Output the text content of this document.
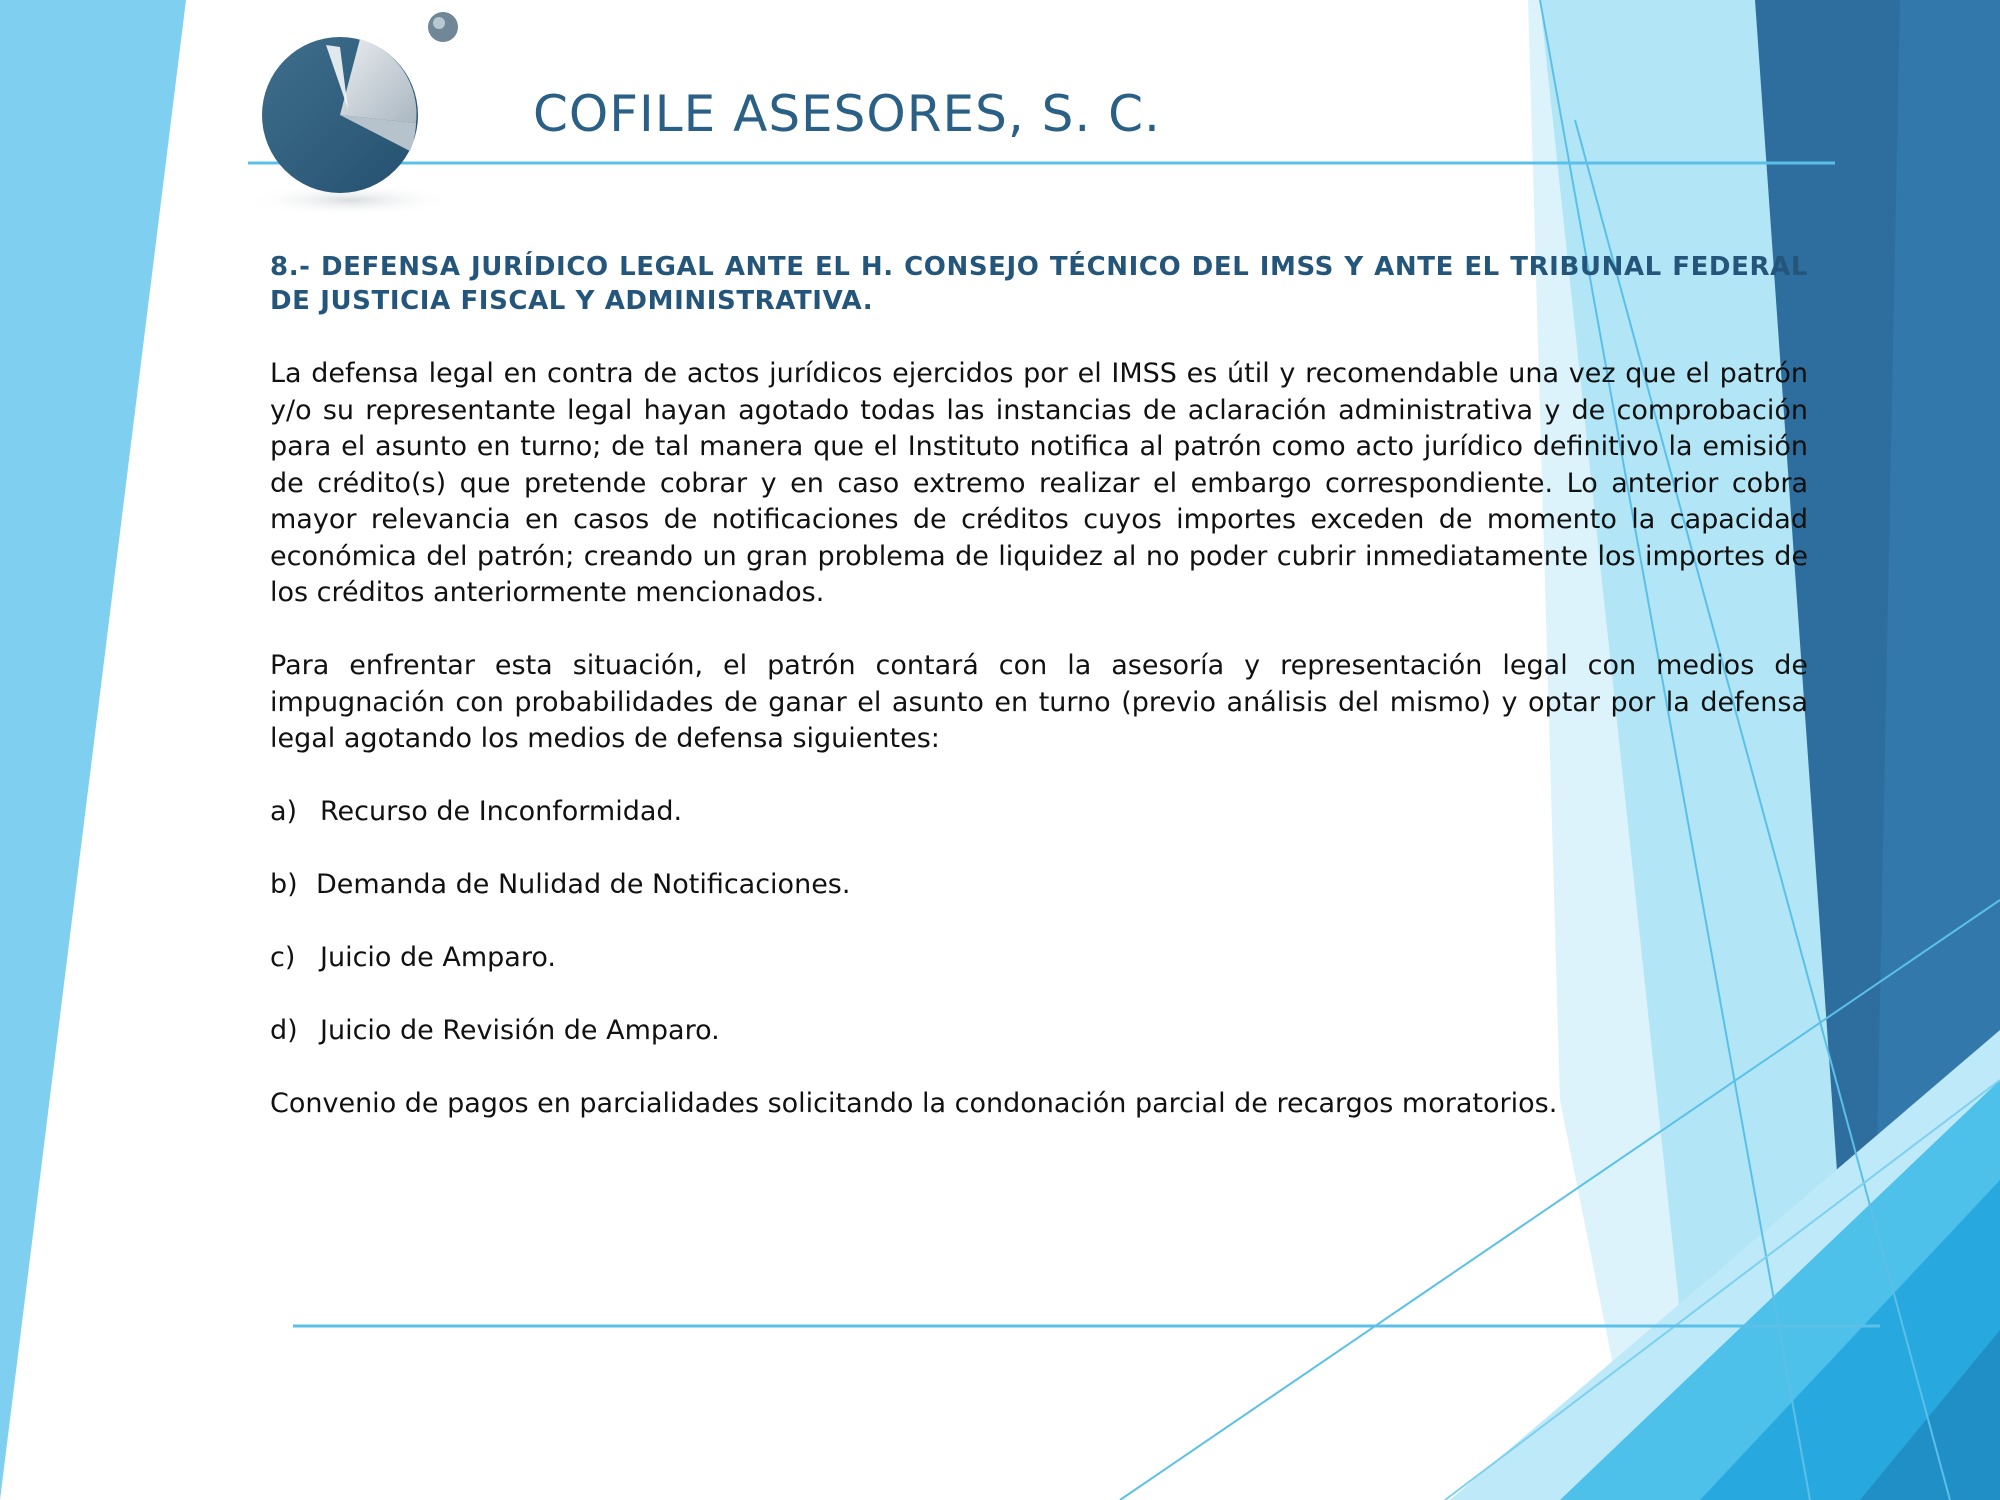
COFILE ASESORES, S. C.

8.- DEFENSA JURÍDICO LEGAL ANTE EL H. CONSEJO TÉCNICO DEL IMSS Y ANTE EL TRIBUNAL FEDERAL DE JUSTICIA FISCAL Y ADMINISTRATIVA.

La defensa legal en contra de actos jurídicos ejercidos por el IMSS es útil y recomendable una vez que el patrón y/o su representante legal hayan agotado todas las instancias de aclaración administrativa y de comprobación para el asunto en turno; de tal manera que el Instituto notifica al patrón como acto jurídico definitivo la emisión de crédito(s) que pretende cobrar y en caso extremo realizar el embargo correspondiente. Lo anterior cobra mayor relevancia en casos de notificaciones de créditos cuyos importes exceden de momento la capacidad económica del patrón; creando un gran problema de liquidez al no poder cubrir inmediatamente los importes de los créditos anteriormente mencionados.

Para enfrentar esta situación, el patrón contará con la asesoría y representación legal con medios de impugnación con probabilidades de ganar el asunto en turno (previo análisis del mismo) y optar por la defensa legal agotando los medios de defensa siguientes:

a) Recurso de Inconformidad.

b) Demanda de Nulidad de Notificaciones.

c) Juicio de Amparo.

d) Juicio de Revisión de Amparo.

Convenio de pagos en parcialidades solicitando la condonación parcial de recargos moratorios.
